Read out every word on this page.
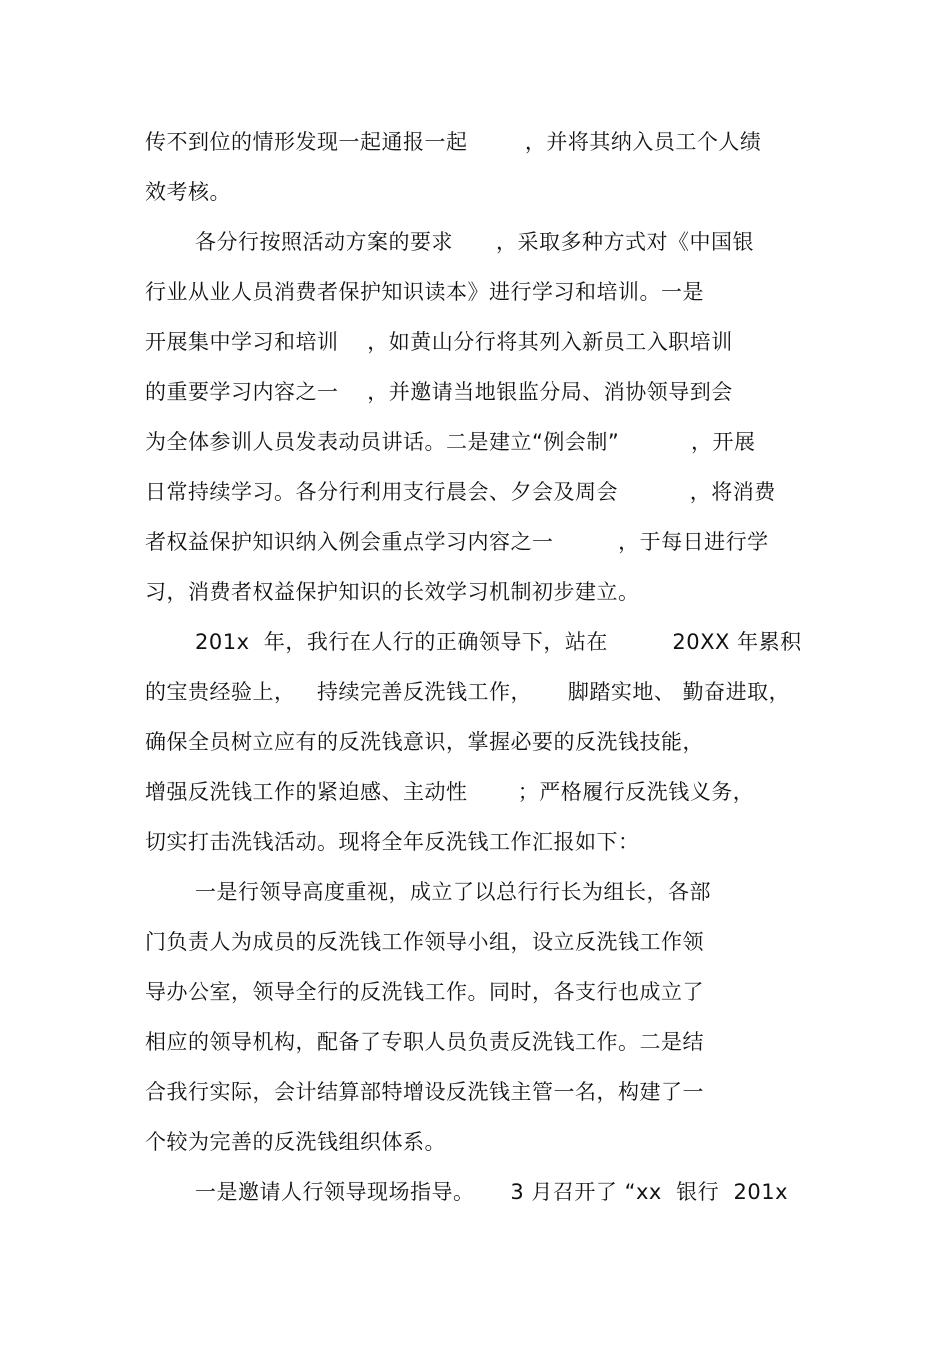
传不到位的情形发现一起通报一起        ，并将其纳入员工个人绩
效考核。
各分行按照活动方案的要求      ，采取多种方式对《中国银
行业从业人员消费者保护知识读本》进行学习和培训。一是
开展集中学习和培训    ，如黄山分行将其列入新员工入职培训
的重要学习内容之一    ，并邀请当地银监分局、消协领导到会
为全体参训人员发表动员讲话。二是建立“例会制”          ，开展
日常持续学习。各分行利用支行晨会、夕会及周会          ，将消费
者权益保护知识纳入例会重点学习内容之一         ，于每日进行学
习，消费者权益保护知识的长效学习机制初步建立。
201x  年，我行在人行的正确领导下，站在         20XX 年累积
的宝贵经验上，   持续完善反洗钱工作，     脚踏实地、 勤奋进取，
确保全员树立应有的反洗钱意识，掌握必要的反洗钱技能，
增强反洗钱工作的紧迫感、主动性       ；严格履行反洗钱义务，
切实打击洗钱活动。现将全年反洗钱工作汇报如下：
一是行领导高度重视，成立了以总行行长为组长，各部
门负责人为成员的反洗钱工作领导小组，设立反洗钱工作领
导办公室，领导全行的反洗钱工作。同时，各支行也成立了
相应的领导机构，配备了专职人员负责反洗钱工作。二是结
合我行实际，会计结算部特增设反洗钱主管一名，构建了一
个较为完善的反洗钱组织体系。
一是邀请人行领导现场指导。     3 月召开了 “xx  银行  201x
